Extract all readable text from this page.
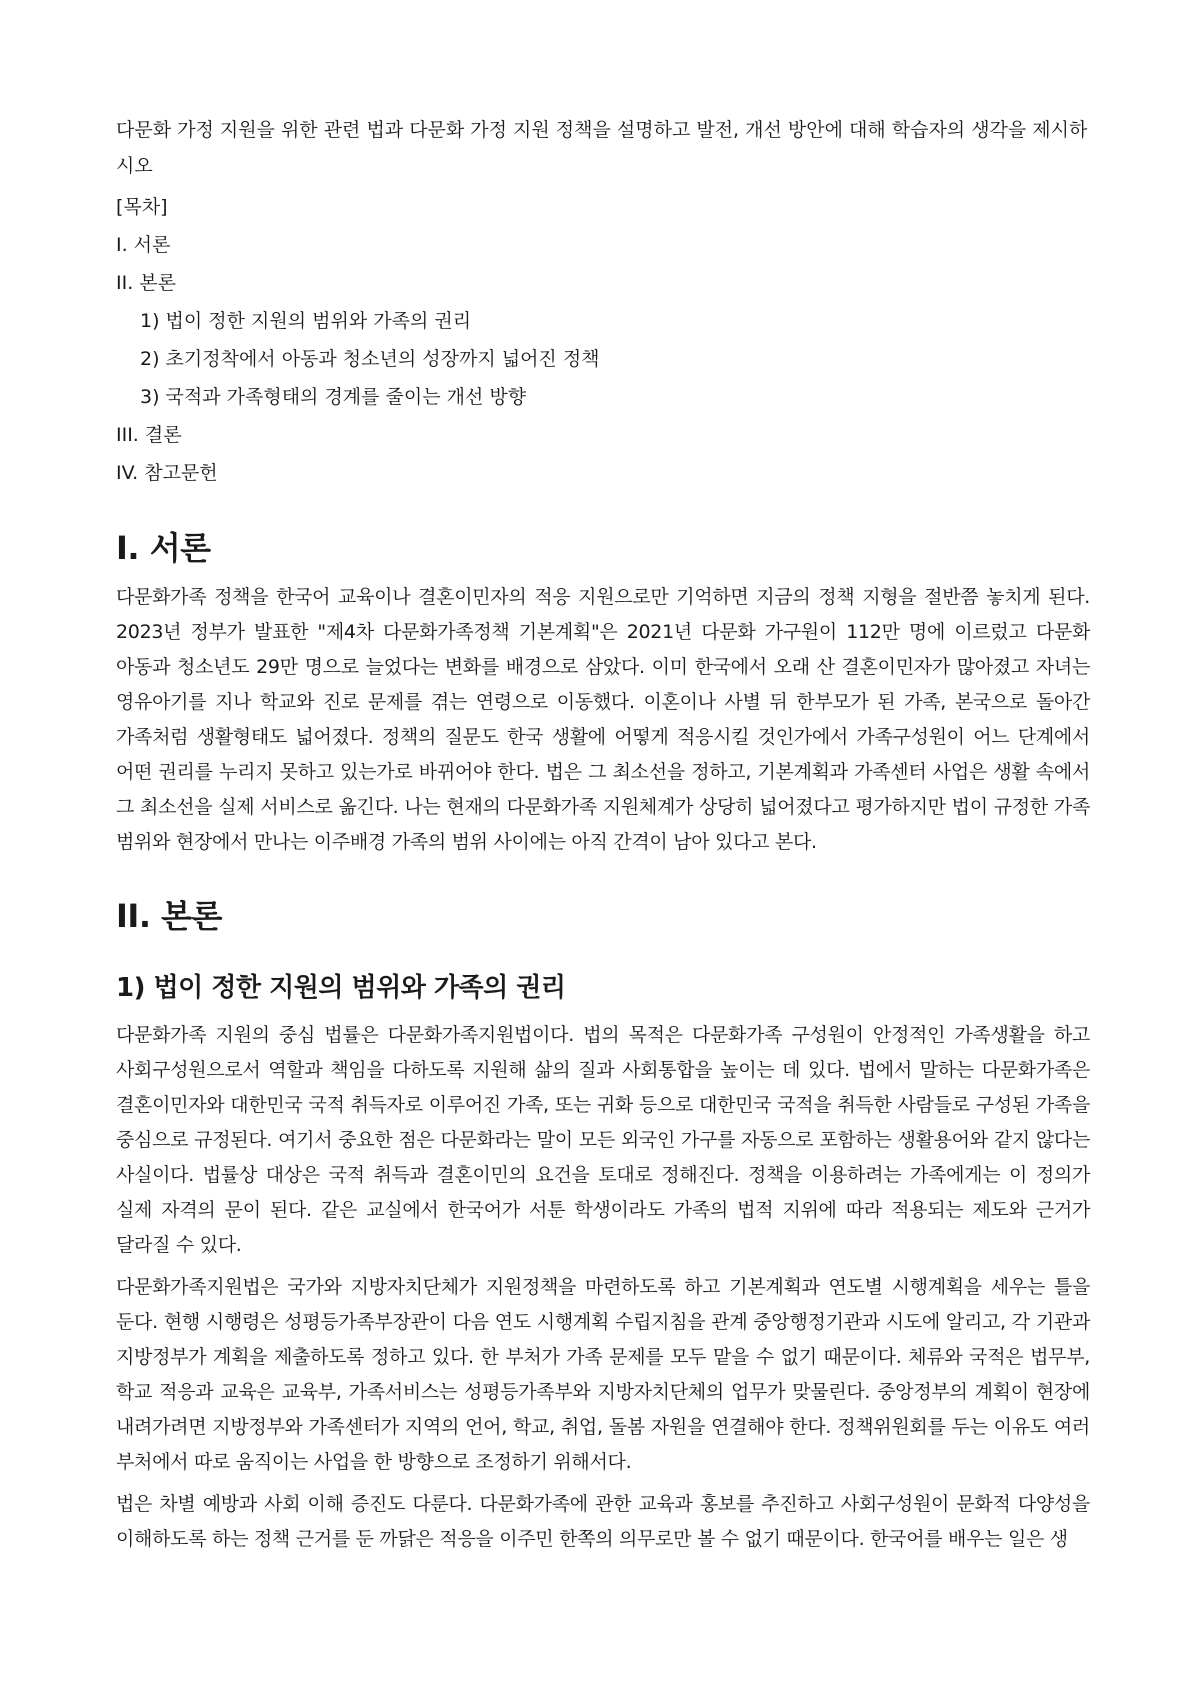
다문화 가정 지원을 위한 관련 법과 다문화 가정 지원 정책을 설명하고 발전, 개선 방안에 대해 학습자의 생각을 제시하시오

[목차]
I. 서론
II. 본론
1) 법이 정한 지원의 범위와 가족의 권리
2) 초기정착에서 아동과 청소년의 성장까지 넓어진 정책
3) 국적과 가족형태의 경계를 줄이는 개선 방향
III. 결론
IV. 참고문헌
I. 서론

다문화가족 정책을 한국어 교육이나 결혼이민자의 적응 지원으로만 기억하면 지금의 정책 지형을 절반쯤 놓치게 된다. 2023년 정부가 발표한 "제4차 다문화가족정책 기본계획"은 2021년 다문화 가구원이 112만 명에 이르렀고 다문화 아동과 청소년도 29만 명으로 늘었다는 변화를 배경으로 삼았다. 이미 한국에서 오래 산 결혼이민자가 많아졌고 자녀는 영유아기를 지나 학교와 진로 문제를 겪는 연령으로 이동했다. 이혼이나 사별 뒤 한부모가 된 가족, 본국으로 돌아간 가족처럼 생활형태도 넓어졌다. 정책의 질문도 한국 생활에 어떻게 적응시킬 것인가에서 가족구성원이 어느 단계에서 어떤 권리를 누리지 못하고 있는가로 바뀌어야 한다. 법은 그 최소선을 정하고, 기본계획과 가족센터 사업은 생활 속에서 그 최소선을 실제 서비스로 옮긴다. 나는 현재의 다문화가족 지원체계가 상당히 넓어졌다고 평가하지만 법이 규정한 가족 범위와 현장에서 만나는 이주배경 가족의 범위 사이에는 아직 간격이 남아 있다고 본다.

II. 본론
1) 법이 정한 지원의 범위와 가족의 권리

다문화가족 지원의 중심 법률은 다문화가족지원법이다. 법의 목적은 다문화가족 구성원이 안정적인 가족생활을 하고 사회구성원으로서 역할과 책임을 다하도록 지원해 삶의 질과 사회통합을 높이는 데 있다. 법에서 말하는 다문화가족은 결혼이민자와 대한민국 국적 취득자로 이루어진 가족, 또는 귀화 등으로 대한민국 국적을 취득한 사람들로 구성된 가족을 중심으로 규정된다. 여기서 중요한 점은 다문화라는 말이 모든 외국인 가구를 자동으로 포함하는 생활용어와 같지 않다는 사실이다. 법률상 대상은 국적 취득과 결혼이민의 요건을 토대로 정해진다. 정책을 이용하려는 가족에게는 이 정의가 실제 자격의 문이 된다. 같은 교실에서 한국어가 서툰 학생이라도 가족의 법적 지위에 따라 적용되는 제도와 근거가 달라질 수 있다.

다문화가족지원법은 국가와 지방자치단체가 지원정책을 마련하도록 하고 기본계획과 연도별 시행계획을 세우는 틀을 둔다. 현행 시행령은 성평등가족부장관이 다음 연도 시행계획 수립지침을 관계 중앙행정기관과 시도에 알리고, 각 기관과 지방정부가 계획을 제출하도록 정하고 있다. 한 부처가 가족 문제를 모두 맡을 수 없기 때문이다. 체류와 국적은 법무부, 학교 적응과 교육은 교육부, 가족서비스는 성평등가족부와 지방자치단체의 업무가 맞물린다. 중앙정부의 계획이 현장에 내려가려면 지방정부와 가족센터가 지역의 언어, 학교, 취업, 돌봄 자원을 연결해야 한다. 정책위원회를 두는 이유도 여러 부처에서 따로 움직이는 사업을 한 방향으로 조정하기 위해서다.

법은 차별 예방과 사회 이해 증진도 다룬다. 다문화가족에 관한 교육과 홍보를 추진하고 사회구성원이 문화적 다양성을 이해하도록 하는 정책 근거를 둔 까닭은 적응을 이주민 한쪽의 의무로만 볼 수 없기 때문이다. 한국어를 배우는 일은 생
